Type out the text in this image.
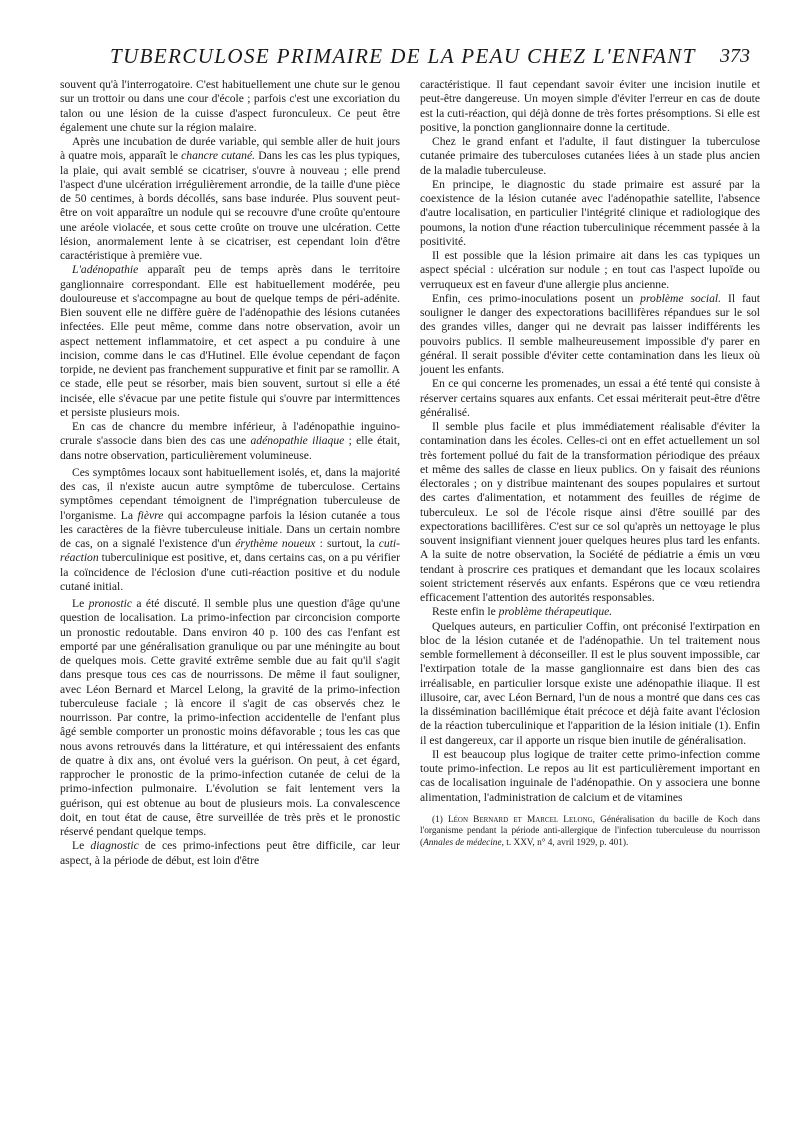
TUBERCULOSE PRIMAIRE DE LA PEAU CHEZ L'ENFANT 373

souvent qu'à l'interrogatoire. C'est habituellement une chute sur le genou sur un trottoir ou dans une cour d'école ; parfois c'est une excoriation du talon ou une lésion de la cuisse d'aspect furonculeux. Ce peut être également une chute sur la région malaire.

Après une incubation de durée variable, qui semble aller de huit jours à quatre mois, apparaît le chancre cutané. Dans les cas les plus typiques, la plaie, qui avait semblé se cicatriser, s'ouvre à nouveau ; elle prend l'aspect d'une ulcération irrégulièrement arrondie, de la taille d'une pièce de 50 centimes, à bords décollés, sans base indurée. Plus souvent peut-être on voit apparaître un nodule qui se recouvre d'une croûte qu'entoure une aréole violacée, et sous cette croûte on trouve une ulcération. Cette lésion, anormalement lente à se cicatriser, est cependant loin d'être caractéristique à première vue.

L'adénopathie apparaît peu de temps après dans le territoire ganglionnaire correspondant. Elle est habituellement modérée, peu douloureuse et s'accompagne au bout de quelque temps de péri-adénite. Bien souvent elle ne diffère guère de l'adénopathie des lésions cutanées infectées. Elle peut même, comme dans notre observation, avoir un aspect nettement inflammatoire, et cet aspect a pu conduire à une incision, comme dans le cas d'Hutinel. Elle évolue cependant de façon torpide, ne devient pas franchement suppurative et finit par se ramollir. A ce stade, elle peut se résorber, mais bien souvent, surtout si elle a été incisée, elle s'évacue par une petite fistule qui s'ouvre par intermittences et persiste plusieurs mois.

En cas de chancre du membre inférieur, à l'adénopathie inguino-crurale s'associe dans bien des cas une adénopathie iliaque ; elle était, dans notre observation, particulièrement volumineuse.

Ces symptômes locaux sont habituellement isolés, et, dans la majorité des cas, il n'existe aucun autre symptôme de tuberculose. Certains symptômes cependant témoignent de l'imprégnation tuberculeuse de l'organisme. La fièvre qui accompagne parfois la lésion cutanée a tous les caractères de la fièvre tuberculeuse initiale. Dans un certain nombre de cas, on a signalé l'existence d'un érythème noueux : surtout, la cuti-réaction tuberculinique est positive, et, dans certains cas, on a pu vérifier la coïncidence de l'éclosion d'une cuti-réaction positive et du nodule cutané initial.

Le pronostic a été discuté. Il semble plus une question d'âge qu'une question de localisation. La primo-infection par circoncision comporte un pronostic redoutable. Dans environ 40 p. 100 des cas l'enfant est emporté par une généralisation granulique ou par une méningite au bout de quelques mois. Cette gravité extrême semble due au fait qu'il s'agit dans presque tous ces cas de nourrissons. De même il faut souligner, avec Léon Bernard et Marcel Lelong, la gravité de la primo-infection tuberculeuse faciale ; là encore il s'agit de cas observés chez le nourrisson. Par contre, la primo-infection accidentelle de l'enfant plus âgé semble comporter un pronostic moins défavorable ; tous les cas que nous avons retrouvés dans la littérature, et qui intéressaient des enfants de quatre à dix ans, ont évolué vers la guérison. On peut, à cet égard, rapprocher le pronostic de la primo-infection cutanée de celui de la primo-infection pulmonaire. L'évolution se fait lentement vers la guérison, qui est obtenue au bout de plusieurs mois. La convalescence doit, en tout état de cause, être surveillée de très près et le pronostic réservé pendant quelque temps.

Le diagnostic de ces primo-infections peut être difficile, car leur aspect, à la période de début, est loin d'être

caractéristique. Il faut cependant savoir éviter une incision inutile et peut-être dangereuse. Un moyen simple d'éviter l'erreur en cas de doute est la cuti-réaction, qui déjà donne de très fortes présomptions. Si elle est positive, la ponction ganglionnaire donne la certitude.

Chez le grand enfant et l'adulte, il faut distinguer la tuberculose cutanée primaire des tuberculoses cutanées liées à un stade plus ancien de la maladie tuberculeuse.

En principe, le diagnostic du stade primaire est assuré par la coexistence de la lésion cutanée avec l'adénopathie satellite, l'absence d'autre localisation, en particulier l'intégrité clinique et radiologique des poumons, la notion d'une réaction tuberculinique récemment passée à la positivité.

Il est possible que la lésion primaire ait dans les cas typiques un aspect spécial : ulcération sur nodule ; en tout cas l'aspect lupoïde ou verruqueux est en faveur d'une allergie plus ancienne.

Enfin, ces primo-inoculations posent un problème social. Il faut souligner le danger des expectorations bacillifères répandues sur le sol des grandes villes, danger qui ne devrait pas laisser indifférents les pouvoirs publics. Il semble malheureusement impossible d'y parer en général. Il serait possible d'éviter cette contamination dans les lieux où jouent les enfants.

En ce qui concerne les promenades, un essai a été tenté qui consiste à réserver certains squares aux enfants. Cet essai mériterait peut-être d'être généralisé.

Il semble plus facile et plus immédiatement réalisable d'éviter la contamination dans les écoles. Celles-ci ont en effet actuellement un sol très fortement pollué du fait de la transformation périodique des préaux et même des salles de classe en lieux publics. On y faisait des réunions électorales ; on y distribue maintenant des soupes populaires et surtout des cartes d'alimentation, et notamment des feuilles de régime de tuberculeux. Le sol de l'école risque ainsi d'être souillé par des expectorations bacillifères. C'est sur ce sol qu'après un nettoyage le plus souvent insignifiant viennent jouer quelques heures plus tard les enfants. A la suite de notre observation, la Société de pédiatrie a émis un vœu tendant à proscrire ces pratiques et demandant que les locaux scolaires soient strictement réservés aux enfants. Espérons que ce vœu retiendra efficacement l'attention des autorités responsables.

Reste enfin le problème thérapeutique.

Quelques auteurs, en particulier Coffin, ont préconisé l'extirpation en bloc de la lésion cutanée et de l'adénopathie. Un tel traitement nous semble formellement à déconseiller. Il est le plus souvent impossible, car l'extirpation totale de la masse ganglionnaire est dans bien des cas irréalisable, en particulier lorsque existe une adénopathie iliaque. Il est illusoire, car, avec Léon Bernard, l'un de nous a montré que dans ces cas la dissémination bacillémique était précoce et déjà faite avant l'éclosion de la réaction tuberculinique et l'apparition de la lésion initiale (1). Enfin il est dangereux, car il apporte un risque bien inutile de généralisation.

Il est beaucoup plus logique de traiter cette primo-infection comme toute primo-infection. Le repos au lit est particulièrement important en cas de localisation inguinale de l'adénopathie. On y associera une bonne alimentation, l'administration de calcium et de vitamines

(1) Léon Bernard et Marcel Lelong, Généralisation du bacille de Koch dans l'organisme pendant la période anti-allergique de l'infection tuberculeuse du nourrisson (Annales de médecine, t. XXV, n° 4, avril 1929, p. 401).
